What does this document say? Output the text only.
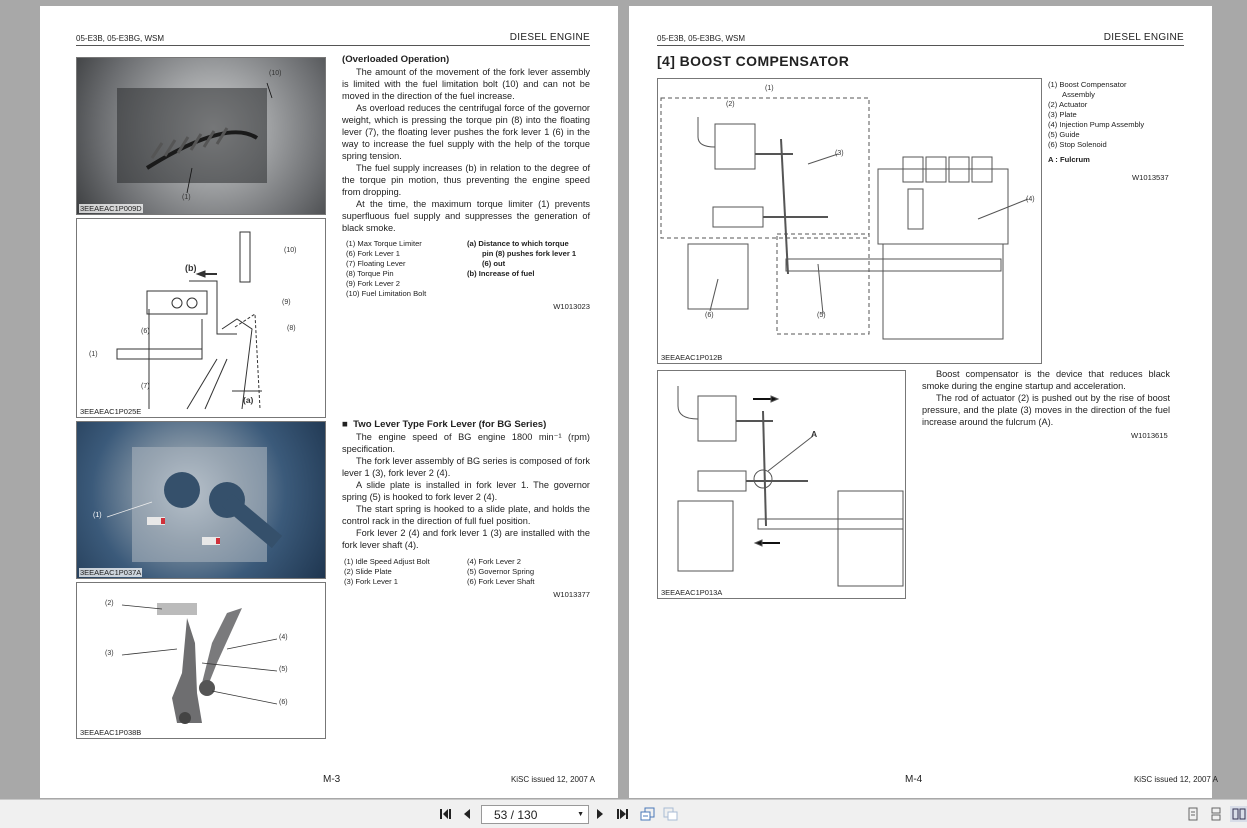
05-E3B, 05-E3BG, WSM	DIESEL ENGINE
(10)
(1)
3EEAEAC1P009D
(10)
(b)
(9)
(8)
(6)
(1)
(7)
(a)
3EEAEAC1P025E
(1)
3EEAEAC1P037A
(2)
(3)
(4)
(5)
(6)
3EEAEAC1P038B
(Overloaded Operation)

The amount of the movement of the fork lever assembly is limited with the fuel limitation bolt (10) and can not be moved in the direction of the fuel increase.

As overload reduces the centrifugal force of the governor weight, which is pressing the torque pin (8) into the floating lever (7), the floating lever pushes the fork lever 1 (6) in the way to increase the fuel supply with the help of the torque spring tension.

The fuel supply increases (b) in relation to the degree of the torque pin motion, thus preventing the engine speed from dropping.

At the time, the maximum torque limiter (1) prevents superfluous fuel supply and suppresses the generation of black smoke.

(1) Max Torque Limiter
(6) Fork Lever 1
(7) Floating Lever
(8) Torque Pin
(9) Fork Lever 2
(10) Fuel Limitation Bolt
(a) Distance to which torque
pin (8) pushes fork lever 1
(6) out
(b) Increase of fuel
W1013023
■ Two Lever Type Fork Lever (for BG Series)

The engine speed of BG engine 1800 min⁻¹ (rpm) specification.

The fork lever assembly of BG series is composed of fork lever 1 (3), fork lever 2 (4).

A slide plate is installed in fork lever 1. The governor spring (5) is hooked to fork lever 2 (4).

The start spring is hooked to a slide plate, and holds the control rack in the direction of full fuel position.

Fork lever 2 (4) and fork lever 1 (3) are installed with the fork lever shaft (4).

(1) Idle Speed Adjust Bolt
(2) Slide Plate
(3) Fork Lever 1
(4) Fork Lever 2
(5) Governor Spring
(6) Fork Lever Shaft
W1013377
M-3	KiSC issued 12, 2007 A
05-E3B, 05-E3BG, WSM	DIESEL ENGINE
[4] BOOST COMPENSATOR
(1)
(2)
(3)
(4)
(5)
(6)
3EEAEAC1P012B
(1) Boost Compensator
Assembly
(2) Actuator
(3) Plate
(4) Injection Pump Assembly
(5) Guide
(6) Stop Solenoid
A : Fulcrum
W1013537
A
3EEAEAC1P013A

Boost compensator is the device that reduces black smoke during the engine startup and acceleration.

The rod of actuator (2) is pushed out by the rise of boost pressure, and the plate (3) moves in the direction of the fuel increase around the fulcrum (A).

W1013615
M-4	KiSC issued 12, 2007 A
53 / 130	▼
